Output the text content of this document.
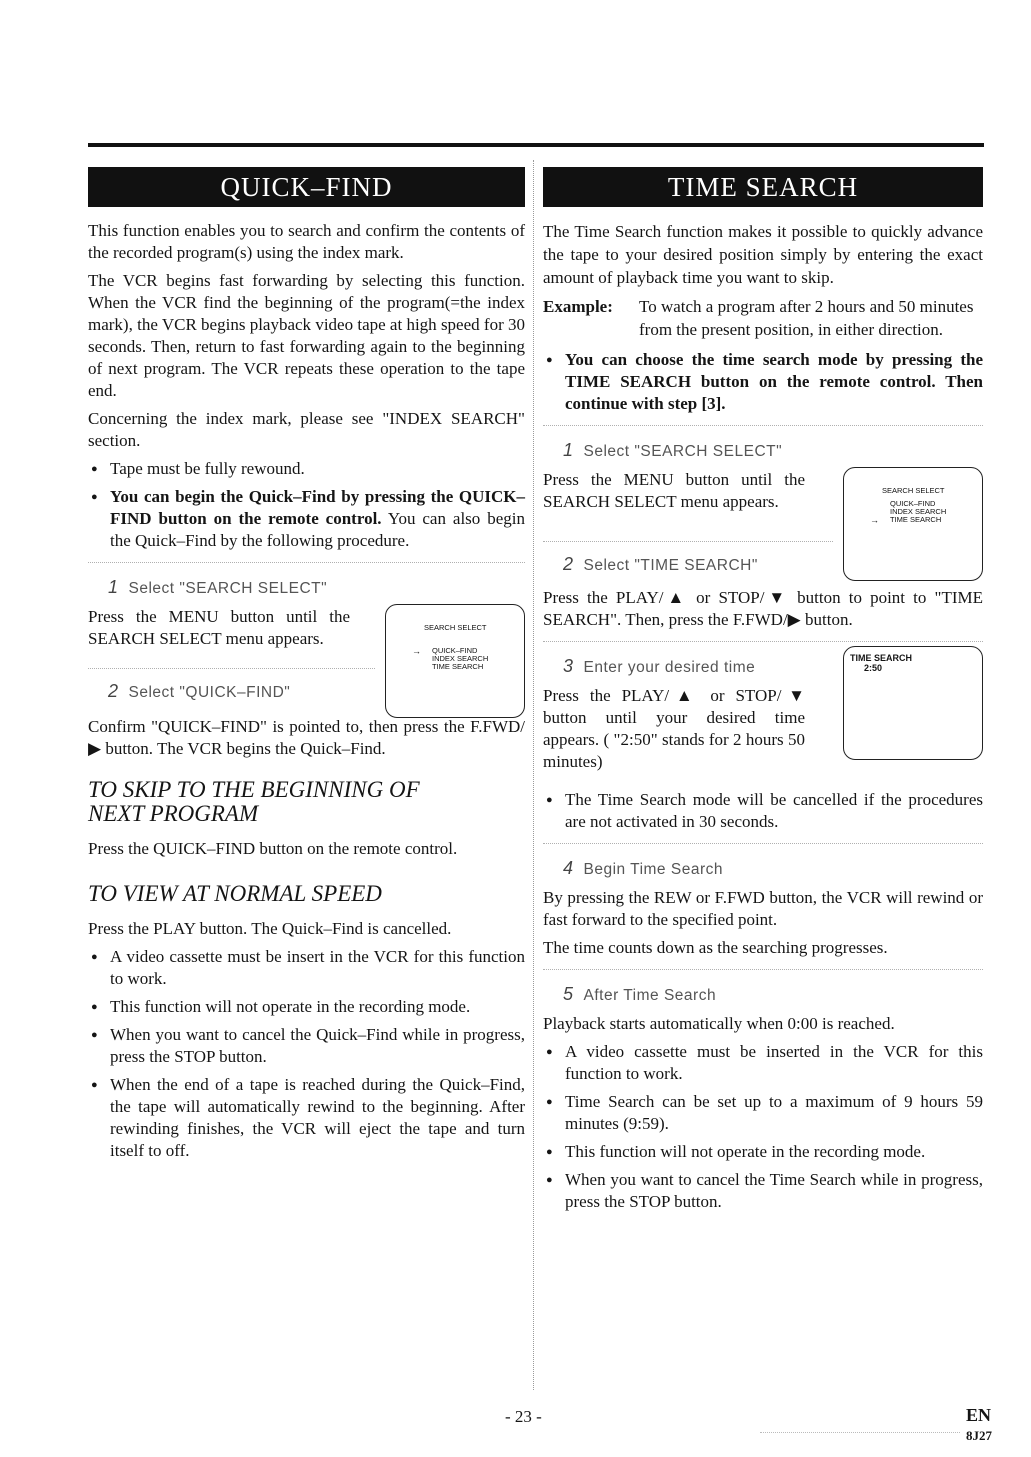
QUICK–FIND

This function enables you to search and confirm the contents of the recorded program(s) using the index mark.

The VCR begins fast forwarding by selecting this function. When the VCR find the beginning of the program(=the index mark), the VCR begins playback video tape at high speed for 30 seconds. Then, return to fast forwarding again to the beginning of next program. The VCR repeats these operation to the tape end.

Concerning the index mark, please see "INDEX SEARCH" section.

● Tape must be fully rewound.
● You can begin the Quick–Find by pressing the QUICK–FIND button on the remote control. You can also begin the Quick–Find by the following procedure.
1 Select "SEARCH SELECT"

Press the MENU button until the SEARCH SELECT menu appears.

SEARCH SELECT
→ QUICK–FIND
INDEX SEARCH
TIME SEARCH
2 Select "QUICK–FIND"

Confirm "QUICK–FIND" is pointed to, then press the F.FWD/▶ button. The VCR begins the Quick–Find.

TO SKIP TO THE BEGINNING OF
NEXT PROGRAM

Press the QUICK–FIND button on the remote control.

TO VIEW AT NORMAL SPEED

Press the PLAY button. The Quick–Find is cancelled.

● A video cassette must be insert in the VCR for this function to work.
● This function will not operate in the recording mode.
● When you want to cancel the Quick–Find while in progress, press the STOP button.
● When the end of a tape is reached during the Quick–Find, the tape will automatically rewind to the beginning. After rewinding finishes, the VCR will eject the tape and turn itself to off.
TIME SEARCH

The Time Search function makes it possible to quickly advance the tape to your desired position simply by entering the exact amount of playback time you want to skip.

Example:	To watch a program after 2 hours and 50 minutes from the present position, in either direction.
● You can choose the time search mode by pressing the TIME SEARCH button on the remote control. Then continue with step [3].
1 Select "SEARCH SELECT"

Press the MENU button until the SEARCH SELECT menu appears.

SEARCH SELECT
QUICK–FIND
INDEX SEARCH
→ TIME SEARCH
2 Select "TIME SEARCH"

Press the PLAY/▲ or STOP/▼ button to point to "TIME SEARCH". Then, press the F.FWD/▶ button.

3 Enter your desired time

Press the PLAY/▲ or STOP/▼ button until your desired time appears. ( "2:50" stands for 2 hours 50 minutes)

TIME SEARCH
2:50
● The Time Search mode will be cancelled if the procedures are not activated in 30 seconds.
4 Begin Time Search

By pressing the REW or F.FWD button, the VCR will rewind or fast forward to the specified point.

The time counts down as the searching progresses.

5 After Time Search

Playback starts automatically when 0:00 is reached.

● A video cassette must be inserted in the VCR for this function to work.
● Time Search can be set up to a maximum of 9 hours 59 minutes (9:59).
● This function will not operate in the recording mode.
● When you want to cancel the Time Search while in progress, press the STOP button.
- 23 -	EN
8J27
